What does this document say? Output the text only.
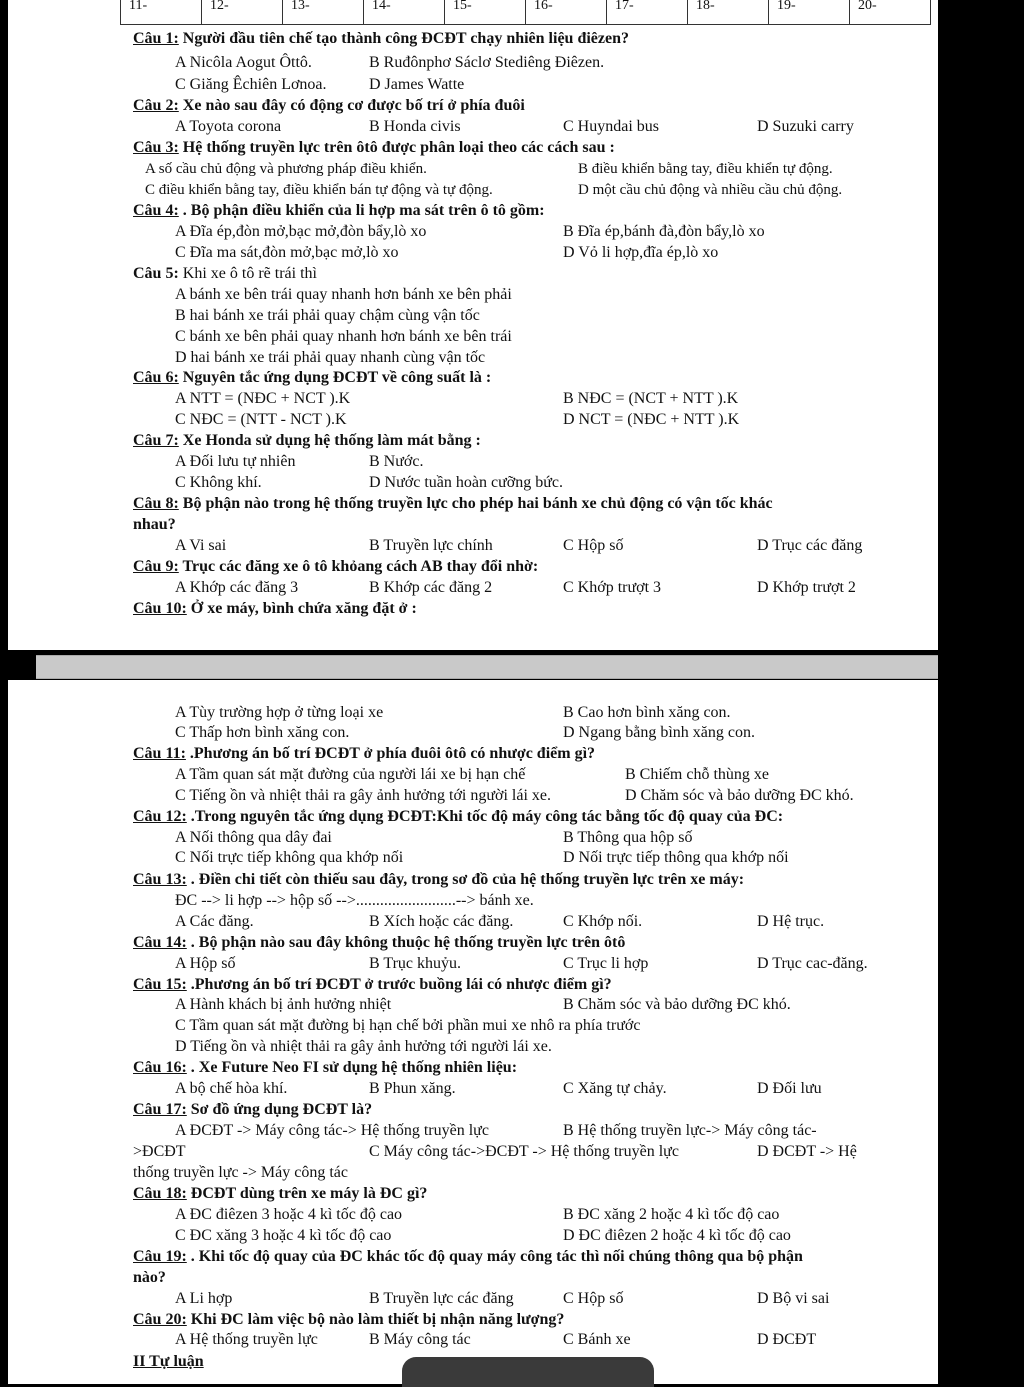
11-	12-	13-	14-	15-	16-	17-	18-	19-	20-
Câu 1: Người đầu tiên chế tạo thành công ĐCĐT chạy nhiên liệu điêzen?
A Nicôla Aogut Ôttô.	B Ruđônphơ Sáclơ Stediêng Điêzen.
C Giăng Êchiên Lơnoa.	D James Watte
Câu 2: Xe nào sau đây có động cơ được bố trí ở phía đuôi
A Toyota corona	B Honda civis	C Huyndai bus	D Suzuki carry
Câu 3: Hệ thống truyền lực trên ôtô được phân loại theo các cách sau :
A số cầu chủ động và phương pháp điều khiển.	B điều khiển bằng tay, điều khiển tự động.
C điều khiển bằng tay, điều khiển bán tự động và tự động.	D một cầu chủ động và nhiều cầu chủ động.
Câu 4: . Bộ phận điều khiển của li hợp ma sát trên ô tô gồm:
A Đĩa ép,đòn mở,bạc mở,đòn bẩy,lò xo	B Đĩa ép,bánh đà,đòn bẩy,lò xo
C Đĩa ma sát,đòn mở,bạc mở,lò xo	D Vỏ li hợp,đĩa ép,lò xo
Câu 5: Khi xe ô tô rẽ trái thì
A bánh xe bên trái quay nhanh hơn bánh xe bên phải
B hai bánh xe trái phải quay chậm cùng vận tốc
C bánh xe bên phải quay nhanh hơn bánh xe bên trái
D hai bánh xe trái phải quay nhanh cùng vận tốc
Câu 6: Nguyên tắc ứng dụng ĐCĐT về công suất là :
A NTT = (NĐC + NCT ).K	B NĐC = (NCT + NTT ).K
C NĐC = (NTT - NCT ).K	D NCT = (NĐC + NTT ).K
Câu 7: Xe Honda sử dụng hệ thống làm mát bằng :
A Đối lưu tự nhiên	B Nước.
C Không khí.	D Nước tuần hoàn cưỡng bức.
Câu 8: Bộ phận nào trong hệ thống truyền lực cho phép hai bánh xe chủ động có vận tốc khác
nhau?
A Vi sai	B Truyền lực chính	C Hộp số	D Trục các đăng
Câu 9: Trục các đăng xe ô tô khỏang cách AB thay đổi nhờ:
A Khớp các đăng 3	B Khớp các đăng 2	C Khớp trượt 3	D Khớp trượt 2
Câu 10: Ở xe máy, bình chứa xăng đặt ở :
A Tùy trường hợp ở từng loại xe	B Cao hơn bình xăng con.
C Thấp hơn bình xăng con.	D Ngang bằng bình xăng con.
Câu 11: .Phương án bố trí ĐCĐT ở phía đuôi ôtô có nhược điểm gì?
A Tầm quan sát mặt đường của người lái xe bị hạn chế	B Chiếm chỗ thùng xe
C Tiếng ồn và nhiệt thải ra gây ảnh hưởng tới người lái xe.	D Chăm sóc và bảo dưỡng ĐC khó.
Câu 12: .Trong nguyên tắc ứng dụng ĐCĐT:Khi tốc độ máy công tác bằng tốc độ quay của ĐC:
A Nối thông qua dây đai	B Thông qua hộp số
C Nối trực tiếp không qua khớp nối	D Nối trực tiếp thông qua khớp nối
Câu 13: . Điền chi tiết còn thiếu sau đây, trong sơ đồ của hệ thống truyền lực trên xe máy:
ĐC --> li hợp --> hộp số -->.........................--> bánh xe.
A Các đăng.	B Xích hoặc các đăng.	C Khớp nối.	D Hệ trục.
Câu 14: . Bộ phận nào sau đây không thuộc hệ thống truyền lực trên ôtô
A Hộp số	B Trục khuỷu.	C Trục li hợp	D Trục cac-đăng.
Câu 15: .Phương án bố trí ĐCĐT ở trước buồng lái có nhược điểm gì?
A Hành khách bị ảnh hưởng nhiệt	B Chăm sóc và bảo dưỡng ĐC khó.
C Tầm quan sát mặt đường bị hạn chế bởi phần mui xe nhô ra phía trước
D Tiếng ồn và nhiệt thải ra gây ảnh hưởng tới người lái xe.
Câu 16: . Xe Future Neo FI sử dụng hệ thống nhiên liệu:
A bộ chế hòa khí.	B Phun xăng.	C Xăng tự chảy.	D Đối lưu
Câu 17: Sơ đồ ứng dụng ĐCĐT là?
A ĐCĐT -> Máy công tác-> Hệ thống truyền lực	B Hệ thống truyền lực-> Máy công tác-
>ĐCĐT	C Máy công tác->ĐCĐT -> Hệ thống truyền lực	D ĐCĐT -> Hệ
thống truyền lực -> Máy công tác
Câu 18: ĐCĐT dùng trên xe máy là ĐC gì?
A ĐC điêzen 3 hoặc 4 kì tốc độ cao	B ĐC xăng 2 hoặc 4 kì tốc độ cao
C ĐC xăng 3 hoặc 4 kì tốc độ cao	D ĐC điêzen 2 hoặc 4 kì tốc độ cao
Câu 19: . Khi tốc độ quay của ĐC khác tốc độ quay máy công tác thì nối chúng thông qua bộ phận
nào?
A Li hợp	B Truyền lực các đăng	C Hộp số	D Bộ vi sai
Câu 20: Khi ĐC làm việc bộ nào làm thiết bị nhận năng lượng?
A Hệ thống truyền lực	B Máy công tác	C Bánh xe	D ĐCĐT
II Tự luận
